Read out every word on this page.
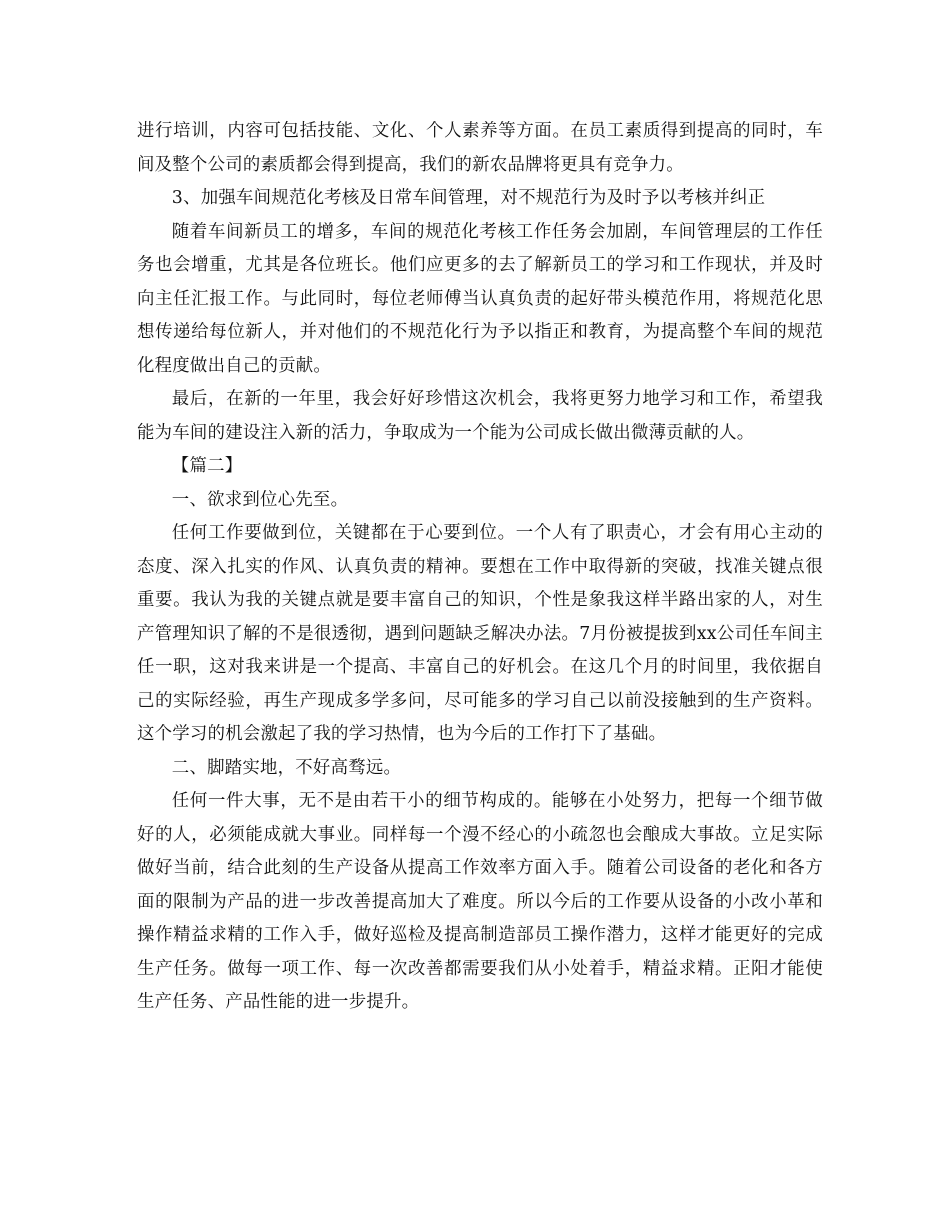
进行培训，内容可包括技能、文化、个人素养等方面。在员工素质得到提高的同时，车间及整个公司的素质都会得到提高，我们的新农品牌将更具有竞争力。

3、加强车间规范化考核及日常车间管理，对不规范行为及时予以考核并纠正

随着车间新员工的增多，车间的规范化考核工作任务会加剧，车间管理层的工作任务也会增重，尤其是各位班长。他们应更多的去了解新员工的学习和工作现状，并及时向主任汇报工作。与此同时，每位老师傅当认真负责的起好带头模范作用，将规范化思想传递给每位新人，并对他们的不规范化行为予以指正和教育，为提高整个车间的规范化程度做出自己的贡献。

最后，在新的一年里，我会好好珍惜这次机会，我将更努力地学习和工作，希望我能为车间的建设注入新的活力，争取成为一个能为公司成长做出微薄贡献的人。

【篇二】

一、欲求到位心先至。

任何工作要做到位，关键都在于心要到位。一个人有了职责心，才会有用心主动的态度、深入扎实的作风、认真负责的精神。要想在工作中取得新的突破，找准关键点很重要。我认为我的关键点就是要丰富自己的知识，个性是象我这样半路出家的人，对生产管理知识了解的不是很透彻，遇到问题缺乏解决办法。7月份被提拔到xx公司任车间主任一职，这对我来讲是一个提高、丰富自己的好机会。在这几个月的时间里，我依据自己的实际经验，再生产现成多学多问，尽可能多的学习自己以前没接触到的生产资料。这个学习的机会激起了我的学习热情，也为今后的工作打下了基础。

二、脚踏实地，不好高骛远。

任何一件大事，无不是由若干小的细节构成的。能够在小处努力，把每一个细节做好的人，必须能成就大事业。同样每一个漫不经心的小疏忽也会酿成大事故。立足实际做好当前，结合此刻的生产设备从提高工作效率方面入手。随着公司设备的老化和各方面的限制为产品的进一步改善提高加大了难度。所以今后的工作要从设备的小改小革和操作精益求精的工作入手，做好巡检及提高制造部员工操作潜力，这样才能更好的完成生产任务。做每一项工作、每一次改善都需要我们从小处着手，精益求精。正阳才能使生产任务、产品性能的进一步提升。
